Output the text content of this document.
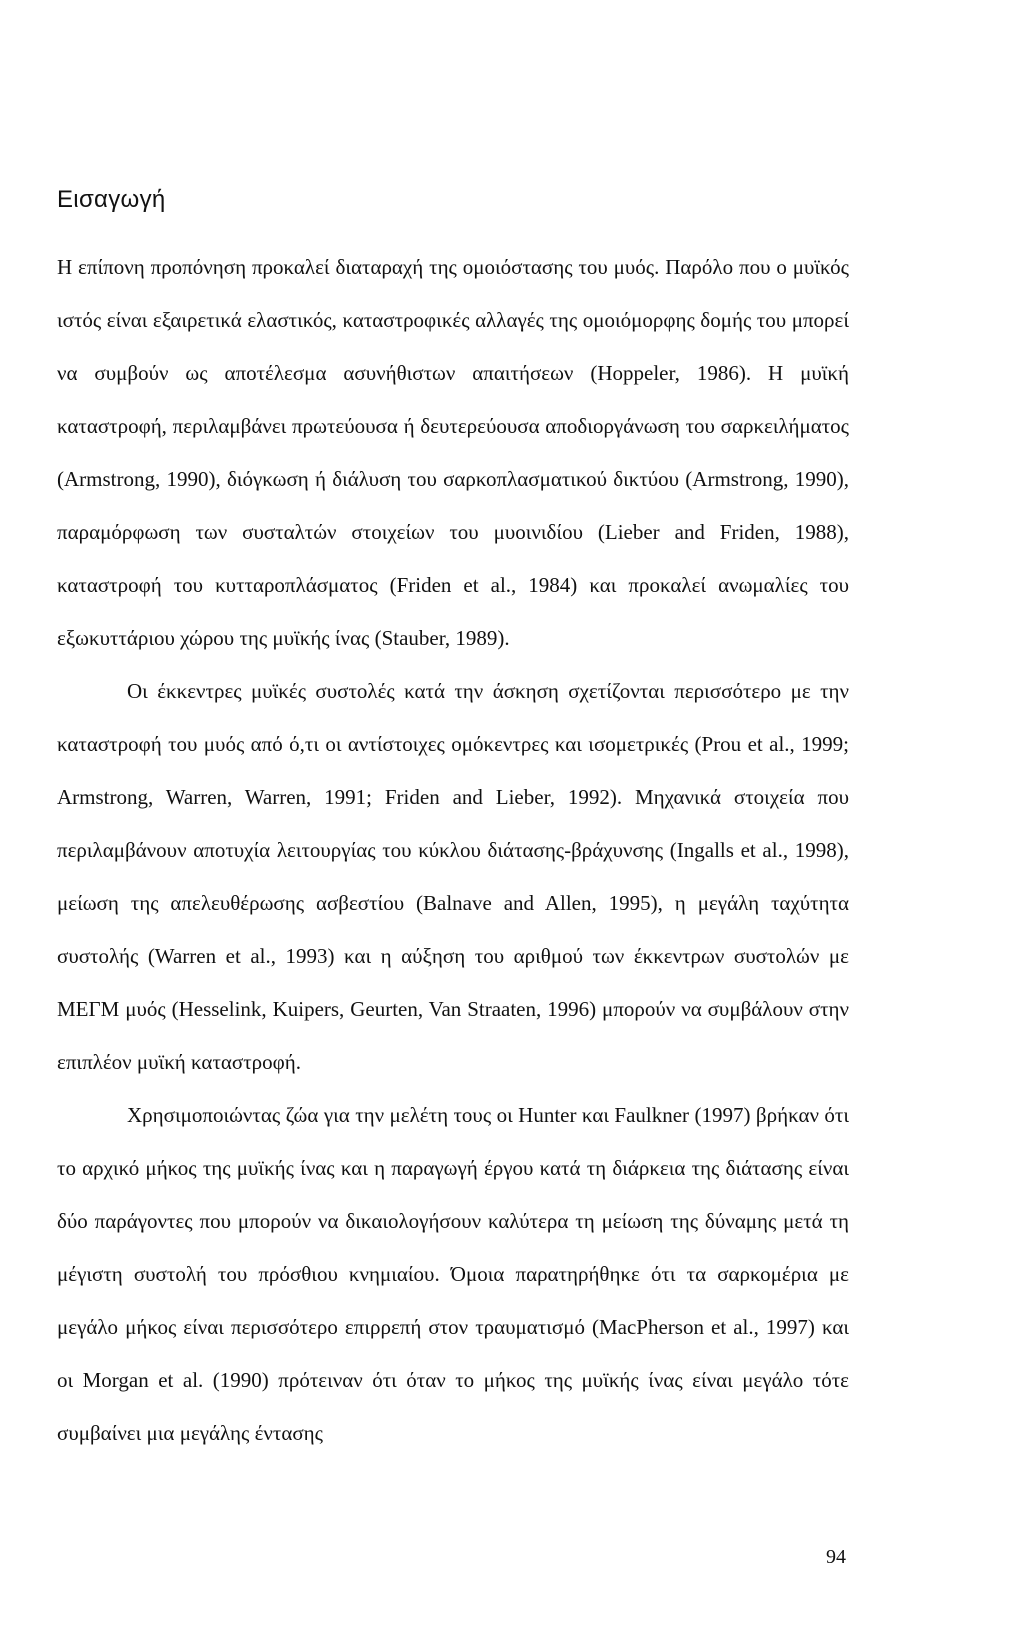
Εισαγωγή

Η επίπονη προπόνηση προκαλεί διαταραχή της ομοιόστασης του μυός. Παρόλο που ο μυϊκός ιστός είναι εξαιρετικά ελαστικός, καταστροφικές αλλαγές της ομοιόμορφης δομής του μπορεί να συμβούν ως αποτέλεσμα ασυνήθιστων απαιτήσεων (Hoppeler, 1986). Η μυϊκή καταστροφή, περιλαμβάνει πρωτεύουσα ή δευτερεύουσα αποδιοργάνωση του σαρκειλήματος (Armstrong, 1990), διόγκωση ή διάλυση του σαρκοπλασματικού δικτύου (Armstrong, 1990), παραμόρφωση των συσταλτών στοιχείων του μυοινιδίου (Lieber and Friden, 1988), καταστροφή του κυτταροπλάσματος (Friden et al., 1984) και προκαλεί ανωμαλίες του εξωκυττάριου χώρου της μυϊκής ίνας (Stauber, 1989).

Οι έκκεντρες μυϊκές συστολές κατά την άσκηση σχετίζονται περισσότερο με την καταστροφή του μυός από ό,τι οι αντίστοιχες ομόκεντρες και ισομετρικές (Prou et al., 1999; Armstrong, Warren, Warren, 1991; Friden and Lieber, 1992). Μηχανικά στοιχεία που περιλαμβάνουν αποτυχία λειτουργίας του κύκλου διάτασης-βράχυνσης (Ingalls et al., 1998), μείωση της απελευθέρωσης ασβεστίου (Balnave and Allen, 1995), η μεγάλη ταχύτητα συστολής (Warren et al., 1993) και η αύξηση του αριθμού των έκκεντρων συστολών με ΜΕΓΜ μυός (Hesselink, Kuipers, Geurten, Van Straaten, 1996) μπορούν να συμβάλουν στην επιπλέον μυϊκή καταστροφή.

Χρησιμοποιώντας ζώα για την μελέτη τους οι Hunter και Faulkner (1997) βρήκαν ότι το αρχικό μήκος της μυϊκής ίνας και η παραγωγή έργου κατά τη διάρκεια της διάτασης είναι δύο παράγοντες που μπορούν να δικαιολογήσουν καλύτερα τη μείωση της δύναμης μετά τη μέγιστη συστολή του πρόσθιου κνημιαίου. Όμοια παρατηρήθηκε ότι τα σαρκομέρια με μεγάλο μήκος είναι περισσότερο επιρρεπή στον τραυματισμό (MacPherson et al., 1997) και οι Morgan et al. (1990) πρότειναν ότι όταν το μήκος της μυϊκής ίνας είναι μεγάλο τότε συμβαίνει μια μεγάλης έντασης

94
